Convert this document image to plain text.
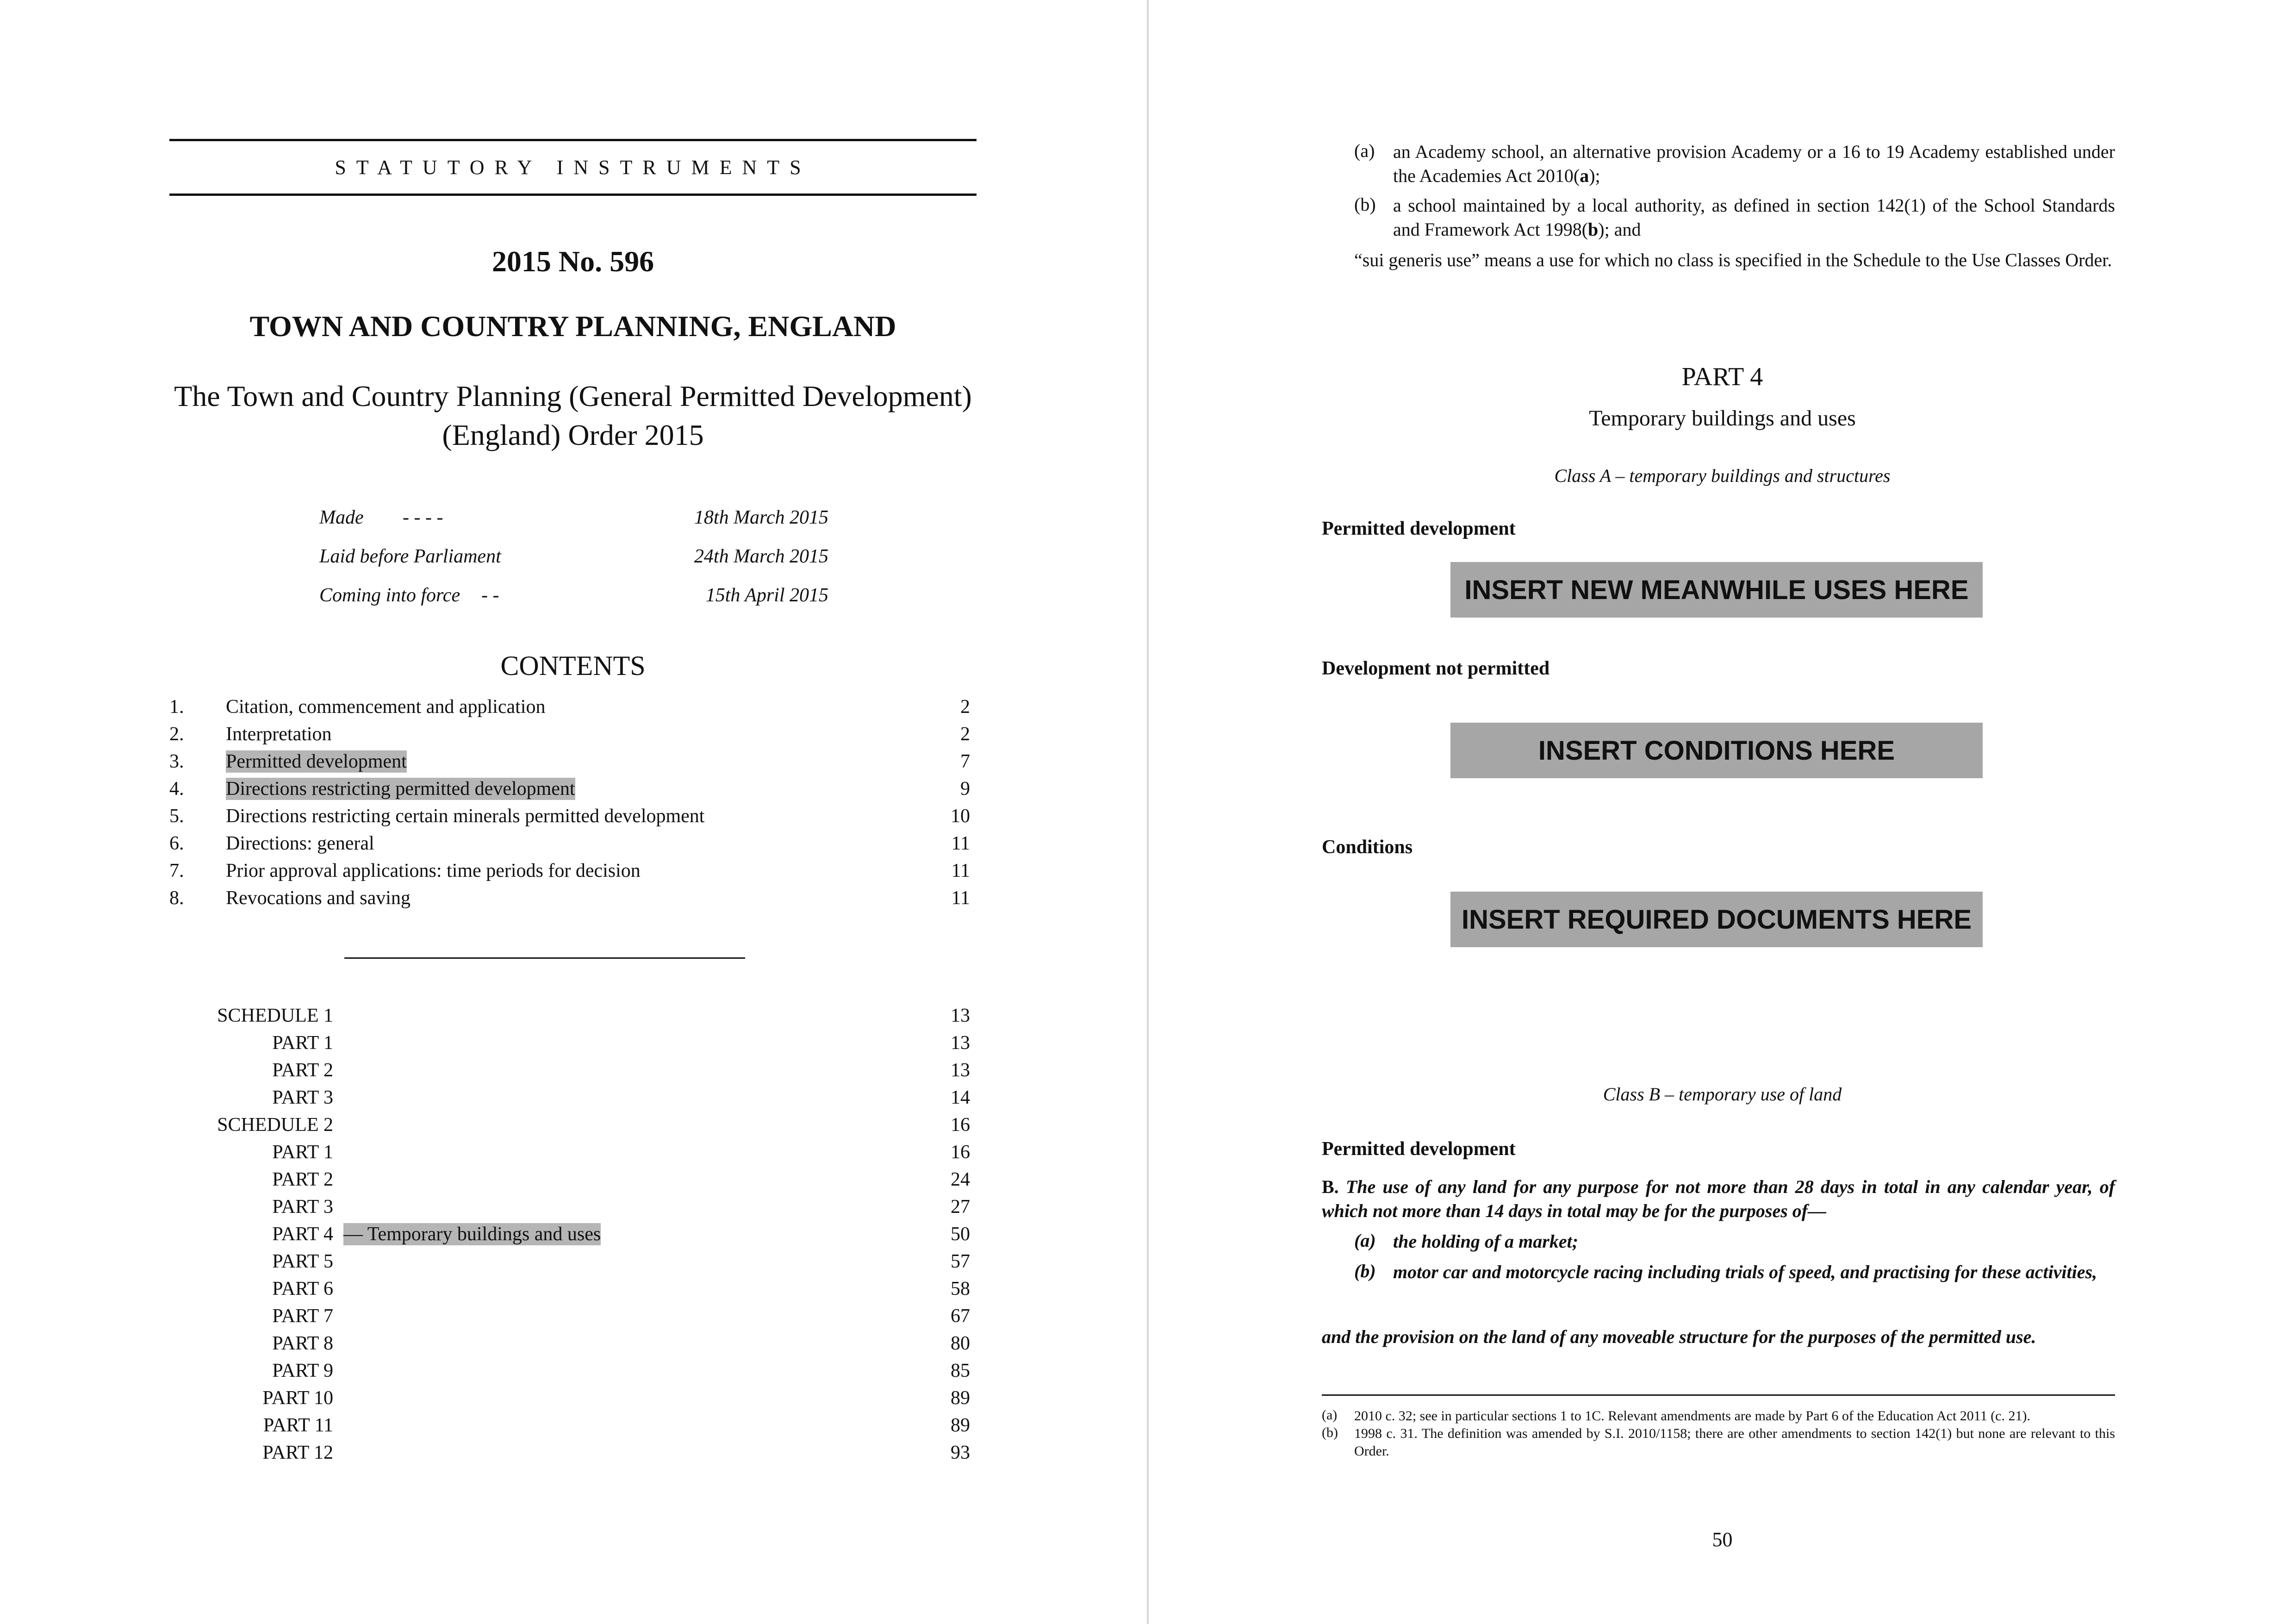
STATUTORY INSTRUMENTS
2015 No. 596
TOWN AND COUNTRY PLANNING, ENGLAND
The Town and Country Planning (General Permitted Development) (England) Order 2015
Made - - - -	18th March 2015
Laid before Parliament	24th March 2015
Coming into force - -	15th April 2015
CONTENTS
1. Citation, commencement and application	2
2. Interpretation	2
3. Permitted development	7
4. Directions restricting permitted development	9
5. Directions restricting certain minerals permitted development	10
6. Directions: general	11
7. Prior approval applications: time periods for decision	11
8. Revocations and saving	11
SCHEDULE 1	13
PART 1	13
PART 2	13
PART 3	14
SCHEDULE 2	16
PART 1	16
PART 2	24
PART 3	27
PART 4 — Temporary buildings and uses	50
PART 5	57
PART 6	58
PART 7	67
PART 8	80
PART 9	85
PART 10	89
PART 11	89
PART 12	93
(a) an Academy school, an alternative provision Academy or a 16 to 19 Academy established under the Academies Act 2010(a);
(b) a school maintained by a local authority, as defined in section 142(1) of the School Standards and Framework Act 1998(b); and
“sui generis use” means a use for which no class is specified in the Schedule to the Use Classes Order.
PART 4
Temporary buildings and uses
Class A – temporary buildings and structures
Permitted development
INSERT NEW MEANWHILE USES HERE
Development not permitted
INSERT CONDITIONS HERE
Conditions
INSERT REQUIRED DOCUMENTS HERE
Class B – temporary use of land
Permitted development
B. The use of any land for any purpose for not more than 28 days in total in any calendar year, of which not more than 14 days in total may be for the purposes of—
(a) the holding of a market;
(b) motor car and motorcycle racing including trials of speed, and practising for these activities,
and the provision on the land of any moveable structure for the purposes of the permitted use.
(a) 2010 c. 32; see in particular sections 1 to 1C. Relevant amendments are made by Part 6 of the Education Act 2011 (c. 21).
(b) 1998 c. 31. The definition was amended by S.I. 2010/1158; there are other amendments to section 142(1) but none are relevant to this Order.
50
